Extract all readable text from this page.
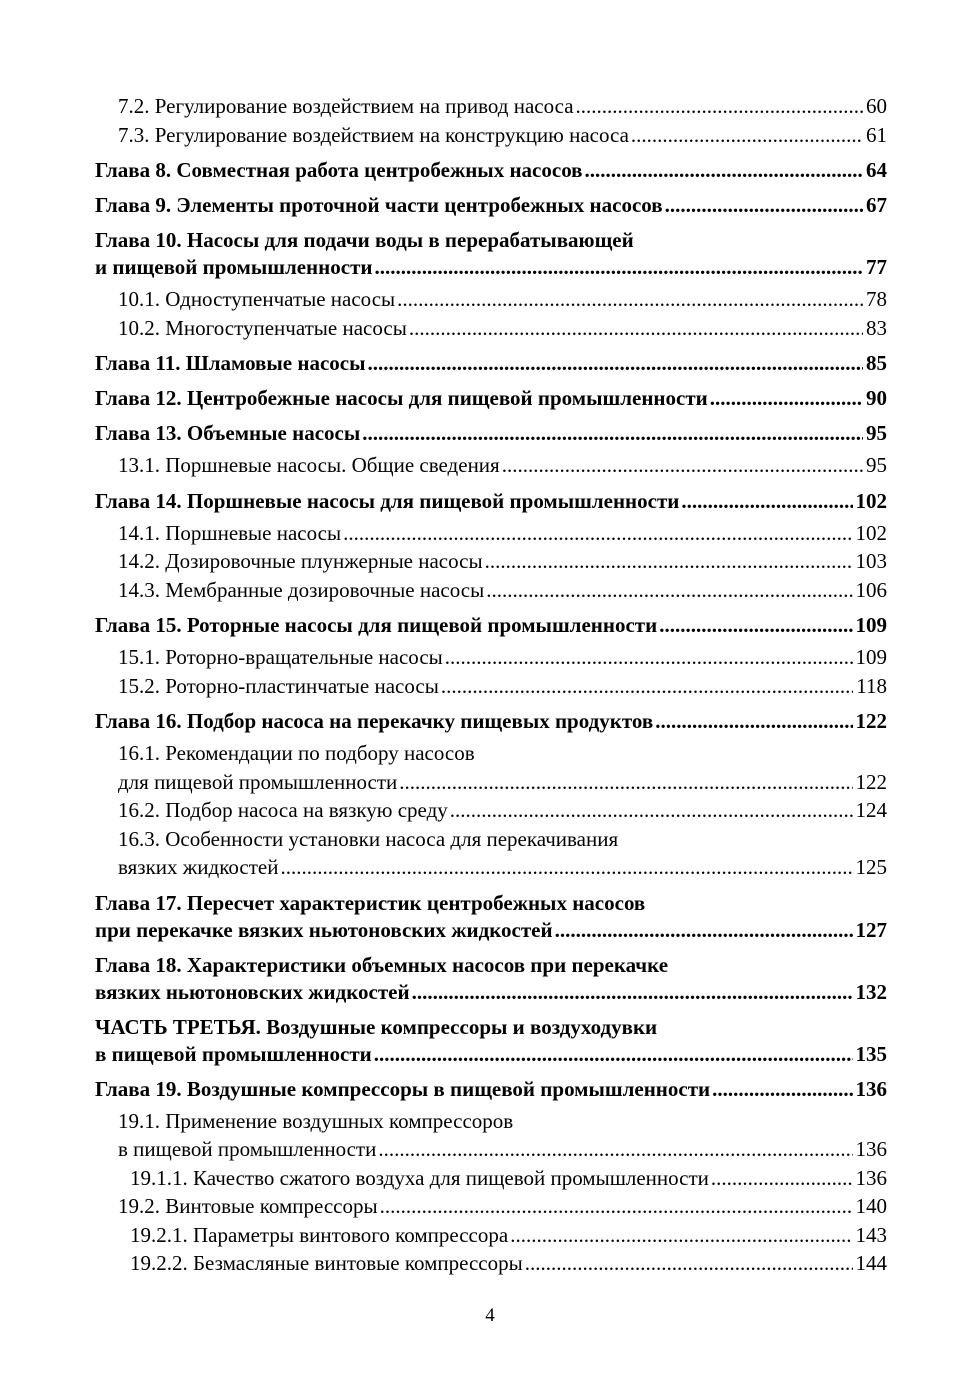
7.2. Регулирование воздействием на привод насоса .....	60
7.3. Регулирование воздействием на конструкцию насоса .....	61
Глава 8. Совместная работа центробежных насосов .....	64
Глава 9. Элементы проточной части центробежных насосов .....	67
Глава 10. Насосы для подачи воды в перерабатывающей
и пищевой промышленности .....	77
10.1. Одноступенчатые насосы .....	78
10.2. Многоступенчатые насосы .....	83
Глава 11. Шламовые насосы .....	85
Глава 12. Центробежные насосы для пищевой промышленности .....	90
Глава 13. Объемные насосы .....	95
13.1. Поршневые насосы. Общие сведения .....	95
Глава 14. Поршневые насосы для пищевой промышленности .....	102
14.1. Поршневые насосы .....	102
14.2. Дозировочные плунжерные насосы .....	103
14.3. Мембранные дозировочные насосы .....	106
Глава 15. Роторные насосы для пищевой промышленности .....	109
15.1. Роторно-вращательные насосы .....	109
15.2. Роторно-пластинчатые насосы .....	118
Глава 16. Подбор насоса на перекачку пищевых продуктов .....	122
16.1. Рекомендации по подбору насосов
для пищевой промышленности .....	122
16.2. Подбор насоса на вязкую среду .....	124
16.3. Особенности установки насоса для перекачивания
вязких жидкостей .....	125
Глава 17. Пересчет характеристик центробежных насосов
при перекачке вязких ньютоновских жидкостей .....	127
Глава 18. Характеристики объемных насосов при перекачке
вязких ньютоновских жидкостей .....	132
ЧАСТЬ ТРЕТЬЯ. Воздушные компрессоры и воздуходувки
в пищевой промышленности .....	135
Глава 19. Воздушные компрессоры в пищевой промышленности .....	136
19.1. Применение воздушных компрессоров
в пищевой промышленности .....	136
19.1.1. Качество сжатого воздуха для пищевой промышленности .....	136
19.2. Винтовые компрессоры .....	140
19.2.1. Параметры винтового компрессора .....	143
19.2.2. Безмасляные винтовые компрессоры .....	144
4
